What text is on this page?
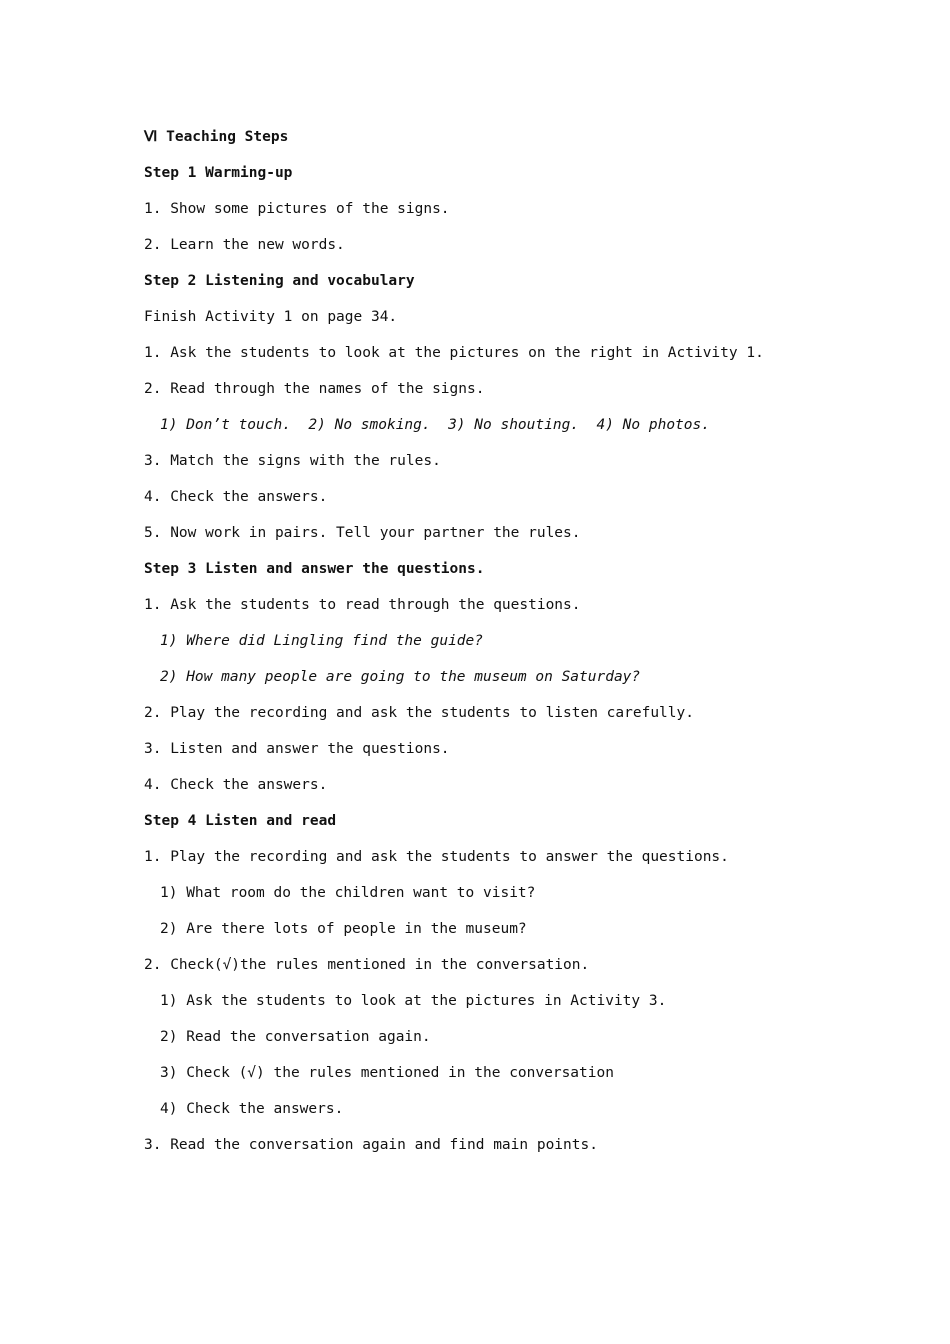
Ⅵ Teaching Steps
Step 1 Warming-up
1. Show some pictures of the signs.
2. Learn the new words.
Step 2 Listening and vocabulary
Finish Activity 1 on page 34.
1. Ask the students to look at the pictures on the right in Activity 1.
2. Read through the names of the signs.
1) Don’t touch.  2) No smoking.  3) No shouting.  4) No photos.
3. Match the signs with the rules.
4. Check the answers.
5. Now work in pairs. Tell your partner the rules.
Step 3 Listen and answer the questions.
1. Ask the students to read through the questions.
1) Where did Lingling find the guide?
2) How many people are going to the museum on Saturday?
2. Play the recording and ask the students to listen carefully.
3. Listen and answer the questions.
4. Check the answers.
Step 4 Listen and read
1. Play the recording and ask the students to answer the questions.
1) What room do the children want to visit?
2) Are there lots of people in the museum?
2. Check(√)the rules mentioned in the conversation.
1) Ask the students to look at the pictures in Activity 3.
2) Read the conversation again.
3) Check (√) the rules mentioned in the conversation
4) Check the answers.
3. Read the conversation again and find main points.
